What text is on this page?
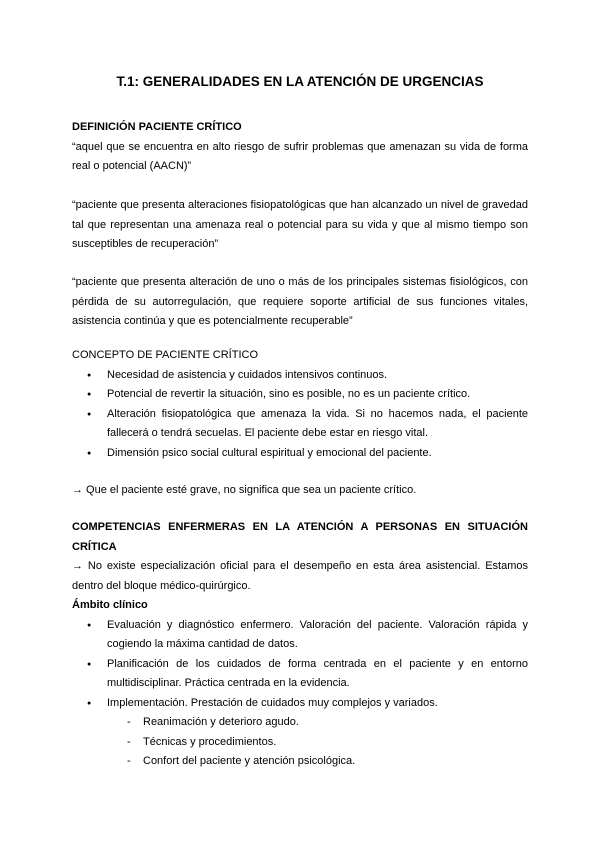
T.1: GENERALIDADES EN LA ATENCIÓN DE URGENCIAS

DEFINICIÓN PACIENTE CRÍTICO

“aquel que se encuentra en alto riesgo de sufrir problemas que amenazan su vida de forma real o potencial (AACN)”

“paciente que presenta alteraciones fisiopatológicas que han alcanzado un nivel de gravedad tal que representan una amenaza real o potencial para su vida y que al mismo tiempo son susceptibles de recuperación”

“paciente que presenta alteración de uno o más de los principales sistemas fisiológicos, con pérdida de su autorregulación, que requiere soporte artificial de sus funciones vitales, asistencia continúa y que es potencialmente recuperable”

CONCEPTO DE PACIENTE CRÍTICO

● Necesidad de asistencia y cuidados intensivos continuos.
● Potencial de revertir la situación, sino es posible, no es un paciente crítico.
● Alteración fisiopatológica que amenaza la vida. Si no hacemos nada, el paciente fallecerá o tendrá secuelas. El paciente debe estar en riesgo vital.
● Dimensión psico social cultural espiritual y emocional del paciente.

→ Que el paciente esté grave, no significa que sea un paciente crítico.

COMPETENCIAS ENFERMERAS EN LA ATENCIÓN A PERSONAS EN SITUACIÓN CRÍTICA

→ No existe especialización oficial para el desempeño en esta área asistencial. Estamos dentro del bloque médico-quirúrgico.

Ámbito clínico

● Evaluación y diagnóstico enfermero. Valoración del paciente. Valoración rápida y cogiendo la máxima cantidad de datos.
● Planificación de los cuidados de forma centrada en el paciente y en entorno multidisciplinar. Práctica centrada en la evidencia.
● Implementación. Prestación de cuidados muy complejos y variados.
- Reanimación y deterioro agudo.
- Técnicas y procedimientos.
- Confort del paciente y atención psicológica.
